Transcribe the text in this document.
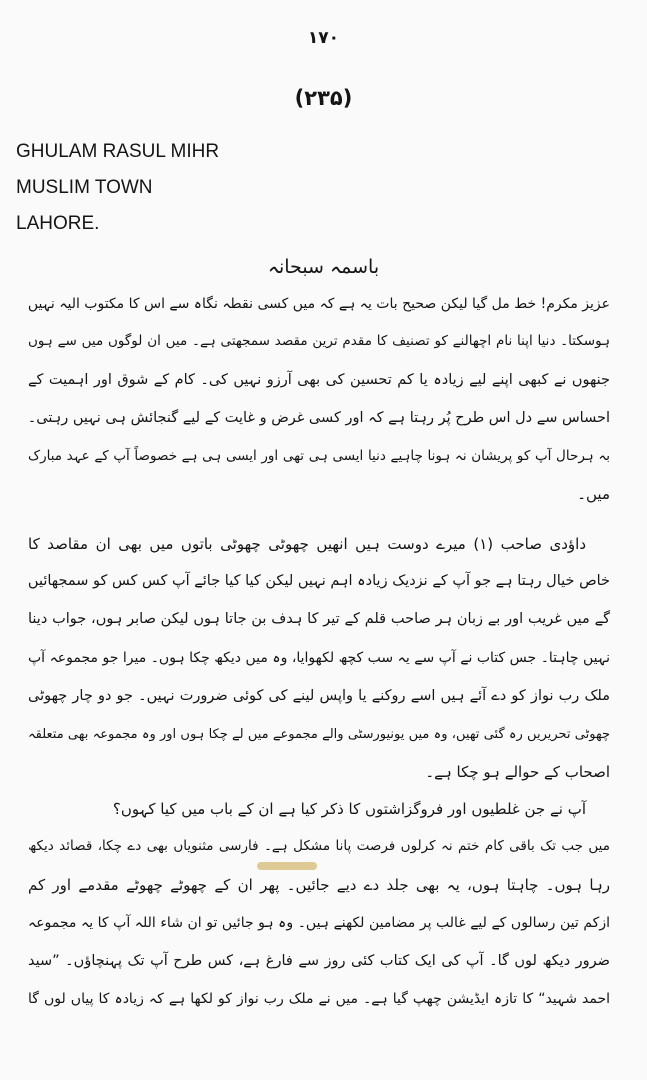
۱۷۰
(۲۳۵)
GHULAM RASUL MIHR
MUSLIM TOWN
LAHORE.
باسمہ سبحانہ
عزیز مکرم! خط مل گیا لیکن صحیح بات یہ ہے کہ میں کسی نقطہ نگاہ سے اس کا مکتوب الیہ نہیں
ہوسکتا۔ دنیا اپنا نام اچھالنے کو تصنیف کا مقدم ترین مقصد سمجھتی ہے۔ میں ان لوگوں میں سے ہوں
جنھوں نے کبھی اپنے لیے زیادہ یا کم تحسین کی بھی آرزو نہیں کی۔ کام کے شوق اور اہمیت کے
احساس سے دل اس طرح پُر رہتا ہے کہ اور کسی غرض و غایت کے لیے گنجائش ہی نہیں رہتی۔
بہ ہرحال آپ کو پریشان نہ ہونا چاہیے دنیا ایسی ہی تھی اور ایسی ہی ہے خصوصاً آپ کے عہد مبارک
میں۔
داؤدی صاحب (۱) میرے دوست ہیں انھیں چھوٹی چھوٹی باتوں میں بھی ان مقاصد کا
خاص خیال رہتا ہے جو آپ کے نزدیک زیادہ اہم نہیں لیکن کیا کیا جائے آپ کس کس کو سمجھائیں
گے میں غریب اور بے زبان ہر صاحب قلم کے تیر کا ہدف بن جاتا ہوں لیکن صابر ہوں، جواب دینا
نہیں چاہتا۔ جس کتاب نے آپ سے یہ سب کچھ لکھوایا، وہ میں دیکھ چکا ہوں۔ میرا جو مجموعہ آپ
ملک رب نواز کو دے آئے ہیں اسے روکنے یا واپس لینے کی کوئی ضرورت نہیں۔ جو دو چار چھوٹی
چھوٹی تحریریں رہ گئی تھیں، وہ میں یونیورسٹی والے مجموعے میں لے چکا ہوں اور وہ مجموعہ بھی متعلقہ
اصحاب کے حوالے ہو چکا ہے۔
آپ نے جن غلطیوں اور فروگزاشتوں کا ذکر کیا ہے ان کے باب میں کیا کہوں؟
میں جب تک باقی کام ختم نہ کرلوں فرصت پانا مشکل ہے۔ فارسی مثنویاں بھی دے چکا، قصائد دیکھ
رہا ہوں۔ چاہتا ہوں، یہ بھی جلد دے دیے جائیں۔ پھر ان کے چھوٹے چھوٹے مقدمے اور کم
ازکم تین رسالوں کے لیے غالب پر مضامین لکھنے ہیں۔ وہ ہو جائیں تو ان شاء اللہ آپ کا یہ مجموعہ
ضرور دیکھ لوں گا۔ آپ کی ایک کتاب کئی روز سے فارغ ہے، کس طرح آپ تک پہنچاؤں۔ ”سید
احمد شہید“ کا تازہ ایڈیشن چھپ گیا ہے۔ میں نے ملک رب نواز کو لکھا ہے کہ زیادہ کا پیاں لوں گا
